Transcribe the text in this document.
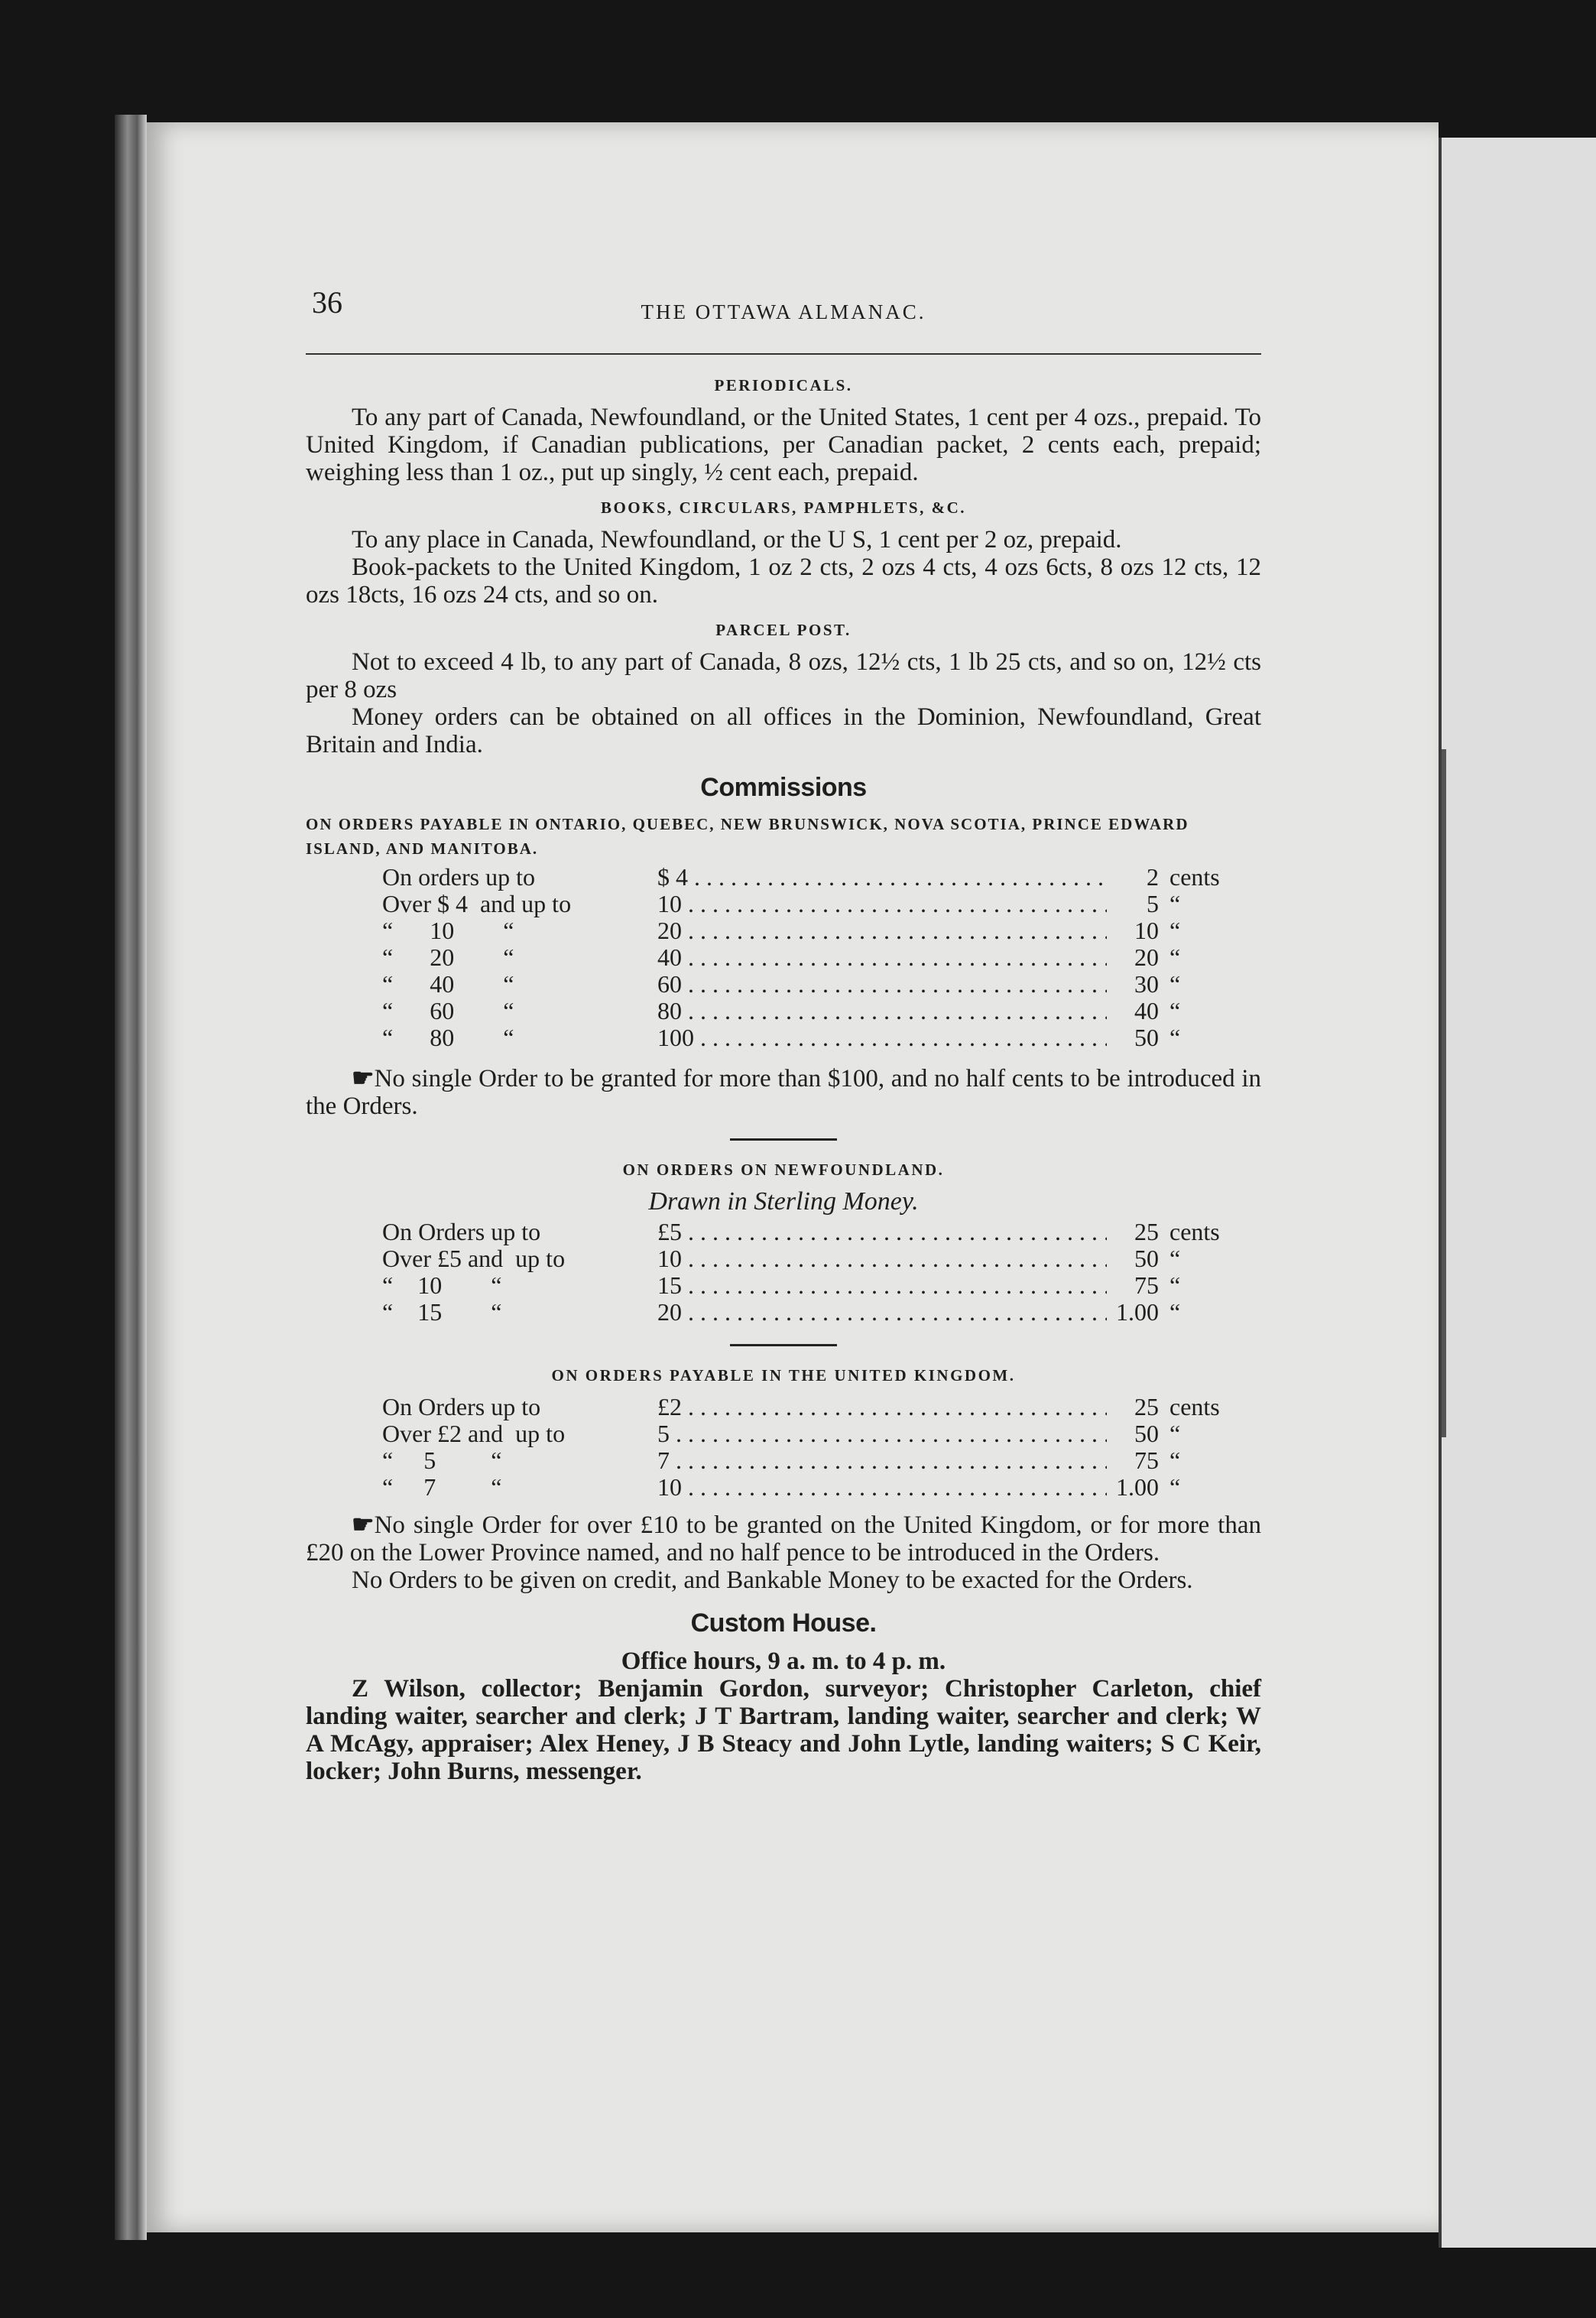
36	THE OTTAWA ALMANAC.
PERIODICALS.

To any part of Canada, Newfoundland, or the United States, 1 cent per 4 ozs., prepaid. To United Kingdom, if Canadian publications, per Canadian packet, 2 cents each, prepaid; weighing less than 1 oz., put up singly, ½ cent each, prepaid.

BOOKS, CIRCULARS, PAMPHLETS, &C.

To any place in Canada, Newfoundland, or the U S, 1 cent per 2 oz, prepaid.

Book-packets to the United Kingdom, 1 oz 2 cts, 2 ozs 4 cts, 4 ozs 6cts, 8 ozs 12 cts, 12 ozs 18cts, 16 ozs 24 cts, and so on.

PARCEL POST.

Not to exceed 4 lb, to any part of Canada, 8 ozs, 12½ cts, 1 lb 25 cts, and so on, 12½ cts per 8 ozs

Money orders can be obtained on all offices in the Dominion, Newfoundland, Great Britain and India.

Commissions
ON ORDERS PAYABLE IN ONTARIO, QUEBEC, NEW BRUNSWICK, NOVA SCOTIA, PRINCE EDWARD ISLAND, AND MANITOBA.
On orders up to	$ 4 . . .	2 cents
Over $ 4  and up to	10 . . .	5 “
“      10        “	20 . . .	10 “
“      20        “	40 . . .	20 “
“      40        “	60 . . .	30 “
“      60        “	80 . . .	40 “
“      80        “	100 . . .	50 “

☛No single Order to be granted for more than $100, and no half cents to be introduced in the Orders.

ON ORDERS ON NEWFOUNDLAND.
Drawn in Sterling Money.
On Orders up to	£5 . . .	25 cents
Over £5 and  up to	10 . . .	50 “
“    10        “	15 . . .	75 “
“    15        “	20 . . .	1.00 “
ON ORDERS PAYABLE IN THE UNITED KINGDOM.
On Orders up to	£2 . . .	25 cents
Over £2 and  up to	5 . . .	50 “
“     5         “	7 . . .	75 “
“     7         “	10 . . .	1.00 “

☛No single Order for over £10 to be granted on the United Kingdom, or for more than £20 on the Lower Province named, and no half pence to be introduced in the Orders.

No Orders to be given on credit, and Bankable Money to be exacted for the Orders.

Custom House.
Office hours, 9 a. m. to 4 p. m.

Z Wilson, collector; Benjamin Gordon, surveyor; Christopher Carleton, chief landing waiter, searcher and clerk; J T Bartram, landing waiter, searcher and clerk; W A McAgy, appraiser; Alex Heney, J B Steacy and John Lytle, landing waiters; S C Keir, locker; John Burns, messenger.
